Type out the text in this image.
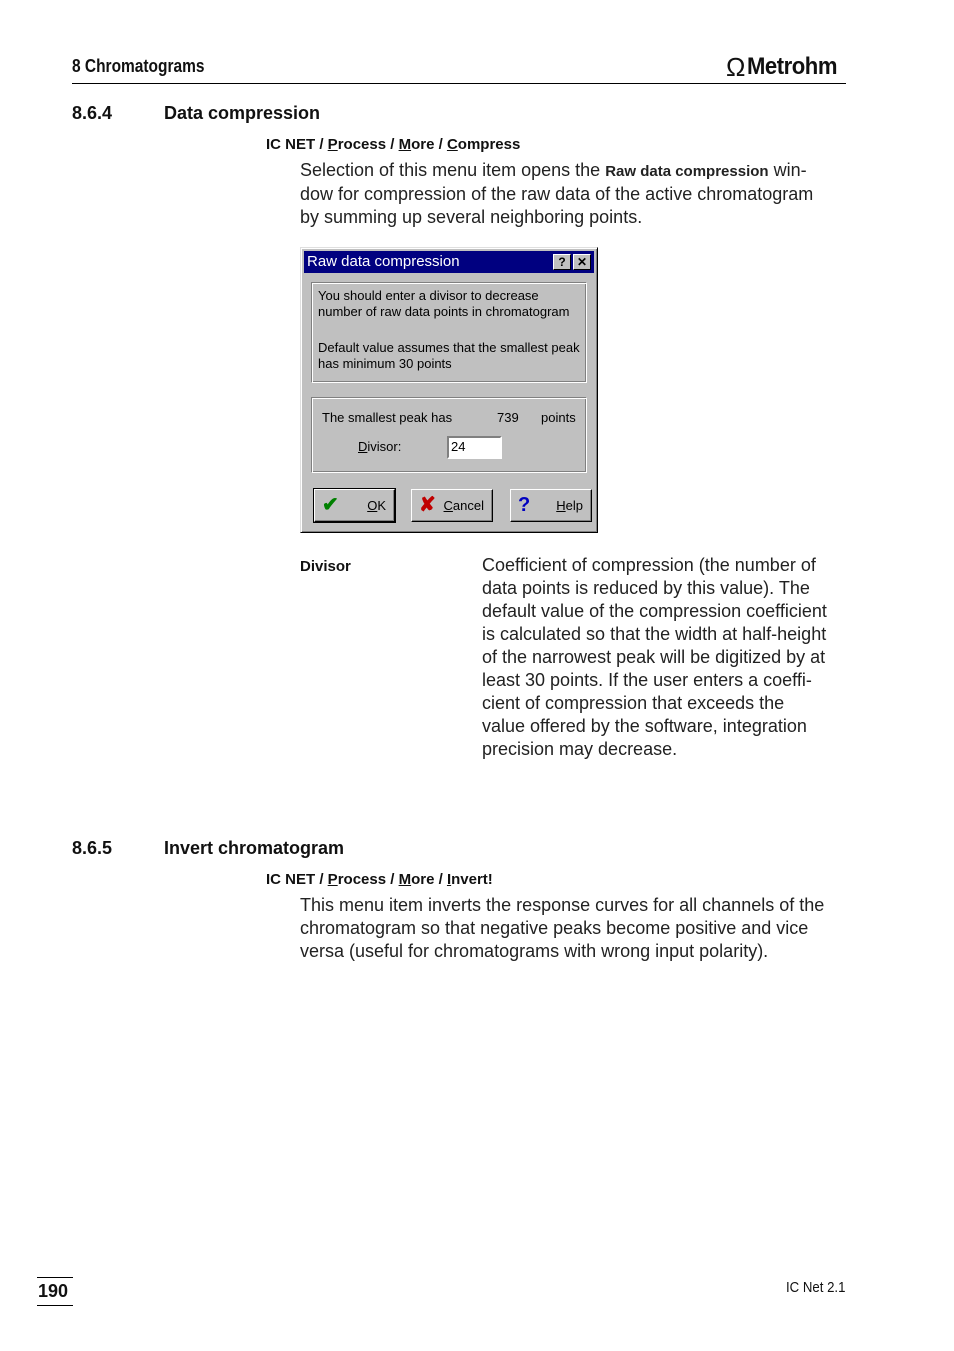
8 Chromatograms	Ω Metrohm
8.6.4	Data compression
IC NET / Process / More / Compress
Selection of this menu item opens the Raw data compression win-
dow for compression of the raw data of the active chromatogram
by summing up several neighboring points.
Raw data compression	? ✕
You should enter a divisor to decrease
number of raw data points in chromatogram
Default value assumes that the smallest peak
has minimum 30 points
The smallest peak has	739 points
Divisor:	24
✔ OK ✘ Cancel ? Help
Divisor	Coefficient of compression (the number of
data points is reduced by this value). The
default value of the compression coefficient
is calculated so that the width at half-height
of the narrowest peak will be digitized by at
least 30 points. If the user enters a coeffi-
cient of compression that exceeds the
value offered by the software, integration
precision may decrease.
8.6.5	Invert chromatogram
IC NET / Process / More / Invert!
This menu item inverts the response curves for all channels of the
chromatogram so that negative peaks become positive and vice
versa (useful for chromatograms with wrong input polarity).
190	IC Net 2.1
